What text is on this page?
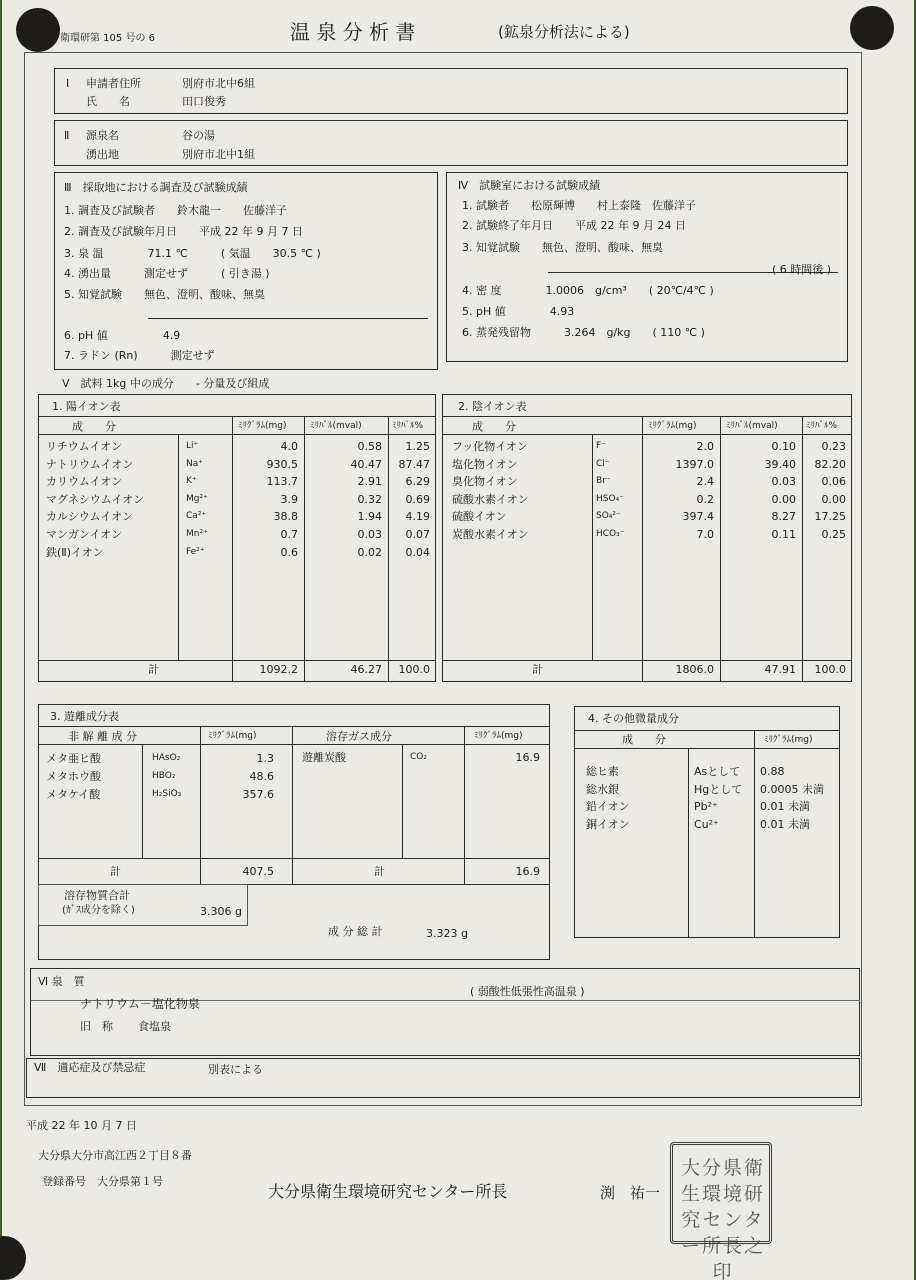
衛環研第 105 号の 6	温 泉 分 析 書	(鉱泉分析法による)
Ⅰ 申請者住所	別府市北中6組
氏　　名	田口俊秀
Ⅱ 源泉名	谷の湯
湧出地	別府市北中1組
Ⅲ　採取地における調査及び試験成績
1. 調査及び試験者　　鈴木龍一　　佐藤洋子
2. 調査及び試験年月日　　平成 22 年 9 月 7 日
3. 泉 温　　　　71.1 ℃　　　( 気温　　30.5 ℃ )
4. 湧出量　　　測定せず　　　( 引き湯 )
5. 知覚試験　　無色、澄明、酸味、無臭
6. pH 値　　　　　4.9
7. ラドン (Rn)　　　測定せず
Ⅳ　試験室における試験成績
1. 試験者　　松原輝博　　村上泰隆　佐藤洋子
2. 試験終了年月日　　平成 22 年 9 月 24 日
3. 知覚試験　　無色、澄明、酸味、無臭
( 6 時間後 )
4. 密 度　　　　1.0006　g/cm³　　( 20℃/4℃ )
5. pH 値　　　　4.93
6. 蒸発残留物　　　3.264　g/kg　　( 110 ℃ )
Ⅴ　試料 1kg 中の成分　　- 分量及び組成
1. 陽イオン表
成　　分	ﾐﾘｸﾞﾗﾑ(mg)	ﾐﾘﾊﾞﾙ(mval)	ﾐﾘﾊﾞﾙ%
計	1092.2	46.27	100.0
2. 陰イオン表
成　　分	ﾐﾘｸﾞﾗﾑ(mg)	ﾐﾘﾊﾞﾙ(mval)	ﾐﾘﾊﾞﾙ%
計	1806.0	47.91	100.0
3. 遊離成分表
非 解 離 成 分	ﾐﾘｸﾞﾗﾑ(mg)	溶存ガス成分	ﾐﾘｸﾞﾗﾑ(mg)
遊離炭酸	CO₂	16.9
計	407.5	計	16.9
溶存物質合計
(ｶﾞｽ成分を除く)	3.306 g
成 分 総 計	3.323 g
4. その他微量成分
成　　分	ﾐﾘｸﾞﾗﾑ(mg)
Ⅵ 泉　質
( 弱酸性低張性高温泉 )
ナトリウム－塩化物泉
旧　称 食塩泉
Ⅶ　適応症及び禁忌症	別表による
平成 22 年 10 月 7 日
大分県大分市高江西２丁目８番
登録番号　大分県第１号
大分県衛生環境研究センター所長	渕　祐一
大分県衛生環境研究センター所長之印
リチウムイオン	Li⁺	4.0	0.58	1.25
ナトリウムイオン	Na⁺	930.5	40.47	87.47
カリウムイオン	K⁺	113.7	2.91	6.29
マグネシウムイオン	Mg²⁺	3.9	0.32	0.69
カルシウムイオン	Ca²⁺	38.8	1.94	4.19
マンガンイオン	Mn²⁺	0.7	0.03	0.07
鉄(Ⅱ)イオン	Fe²⁺	0.6	0.02	0.04
フッ化物イオン	F⁻	2.0	0.10	0.23
塩化物イオン	Cl⁻	1397.0	39.40	82.20
臭化物イオン	Br⁻	2.4	0.03	0.06
硫酸水素イオン	HSO₄⁻	0.2	0.00	0.00
硫酸イオン	SO₄²⁻	397.4	8.27	17.25
炭酸水素イオン	HCO₃⁻	7.0	0.11	0.25
メタ亜ヒ酸	HAsO₂	1.3
メタホウ酸	HBO₂	48.6
メタケイ酸	H₂SiO₃	357.6
総ヒ素	Asとして 0.88
総水銀	Hgとして 0.0005 未満
鉛イオン	Pb²⁺	0.01 未満
銅イオン	Cu²⁺	0.01 未満
